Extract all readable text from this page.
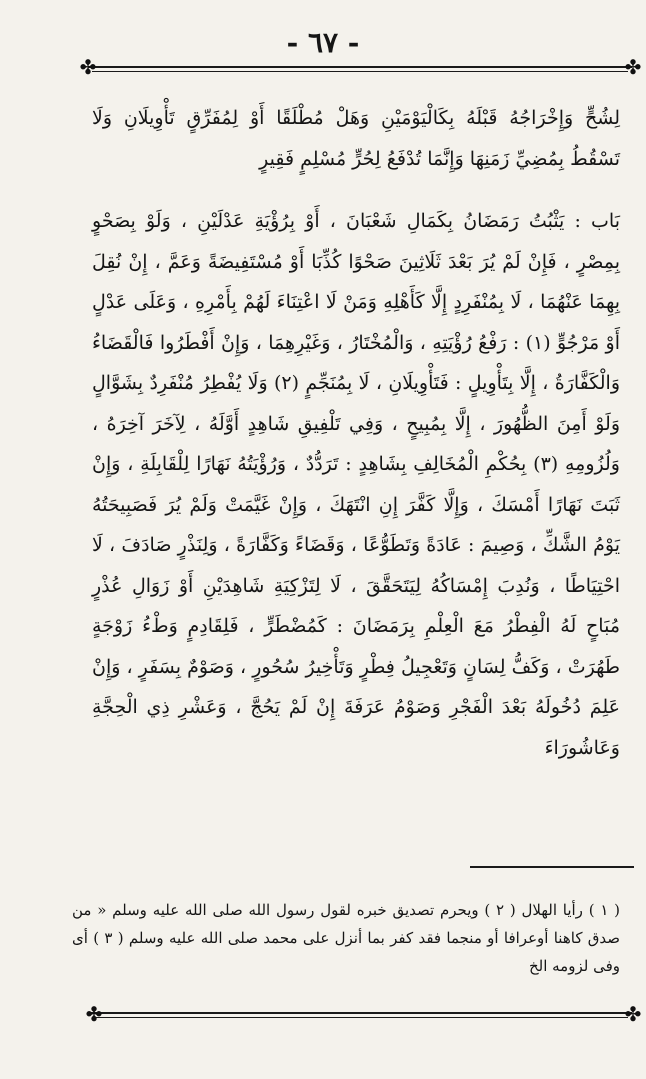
- ٦٧ -
✤	✤
✤	✤

لِشُحٍّ وَإِخْرَاجُهُ قَبْلَهُ بِكَالْيَوْمَيْنِ وَهَلْ مُطْلَقًا أَوْ لِمُفَرِّقٍ تَأْوِيلَانِ وَلَا تَسْقُطُ بِمُضِيِّ زَمَنِهَا وَإِنَّمَا تُدْفَعُ لِحُرٍّ مُسْلِمٍ فَقِيرٍ

بَاب : يَثْبُتُ رَمَضَانُ بِكَمَالِ شَعْبَانَ ، أَوْ بِرُؤْيَةِ عَدْلَيْنِ ، وَلَوْ بِصَحْوٍ بِمِصْرٍ ، فَإِنْ لَمْ يُرَ بَعْدَ ثَلَاثِينَ صَحْوًا كُذِّبَا أَوْ مُسْتَفِيضَةً وَعَمَّ ، إِنْ نُقِلَ بِهِمَا عَنْهُمَا ، لَا بِمُنْفَرِدٍ إِلَّا كَأَهْلِهِ وَمَنْ لَا اعْتِنَاءَ لَهُمْ بِأَمْرِهِ ، وَعَلَى عَدْلٍ أَوْ مَرْجُوٍّ (١) : رَفْعُ رُؤْيَتِهِ ، وَالْمُخْتَارُ ، وَغَيْرِهِمَا ، وَإِنْ أَفْطَرُوا فَالْقَضَاءُ وَالْكَفَّارَةُ ، إِلَّا بِتَأْوِيلٍ : فَتَأْوِيلَانِ ، لَا بِمُنَجِّمٍ (٢) وَلَا يُفْطِرُ مُنْفَرِدٌ بِشَوَّالٍ وَلَوْ أَمِنَ الظُّهُورَ ، إِلَّا بِمُبِيحٍ ، وَفِي تَلْفِيقِ شَاهِدٍ أَوَّلَهُ ، لِآخَرَ آخِرَهُ ، وَلُزُومِهِ (٣) بِحُكْمِ الْمُخَالِفِ بِشَاهِدٍ : تَرَدُّدٌ ، وَرُؤْيَتُهُ نَهَارًا لِلْقَابِلَةِ ، وَإِنْ ثَبَتَ نَهَارًا أَمْسَكَ ، وَإِلَّا كَفَّرَ إِنِ انْتَهَكَ ، وَإِنْ غَيَّمَتْ وَلَمْ يُرَ فَصَبِيحَتُهُ يَوْمُ الشَّكِّ ، وَصِيمَ : عَادَةً وَتَطَوُّعًا ، وَقَضَاءً وَكَفَّارَةً ، وَلِنَذْرٍ صَادَفَ ، لَا احْتِيَاطًا ، وَنُدِبَ إِمْسَاكُهُ لِيَتَحَقَّقَ ، لَا لِتَزْكِيَةِ شَاهِدَيْنِ أَوْ زَوَالِ عُذْرٍ مُبَاحٍ لَهُ الْفِطْرُ مَعَ الْعِلْمِ بِرَمَضَانَ : كَمُضْطَرٍّ ، فَلِقَادِمٍ وَطْءُ زَوْجَةٍ طَهُرَتْ ، وَكَفُّ لِسَانٍ وَتَعْجِيلُ فِطْرٍ وَتَأْخِيرُ سُحُورٍ ، وَصَوْمٌ بِسَفَرٍ ، وَإِنْ عَلِمَ دُخُولَهُ بَعْدَ الْفَجْرِ وَصَوْمُ عَرَفَةَ إِنْ لَمْ يَحُجَّ ، وَعَشْرِ ذِي الْحِجَّةِ وَعَاشُورَاءَ

( ١ ) رأيا الهلال ( ٢ ) ويحرم تصديق خبره لقول رسول الله صلى الله عليه وسلم « من صدق كاهنا أوعرافا أو منجما فقد كفر بما أنزل على محمد صلى الله عليه وسلم ( ٣ ) أى وفى لزومه الخ
